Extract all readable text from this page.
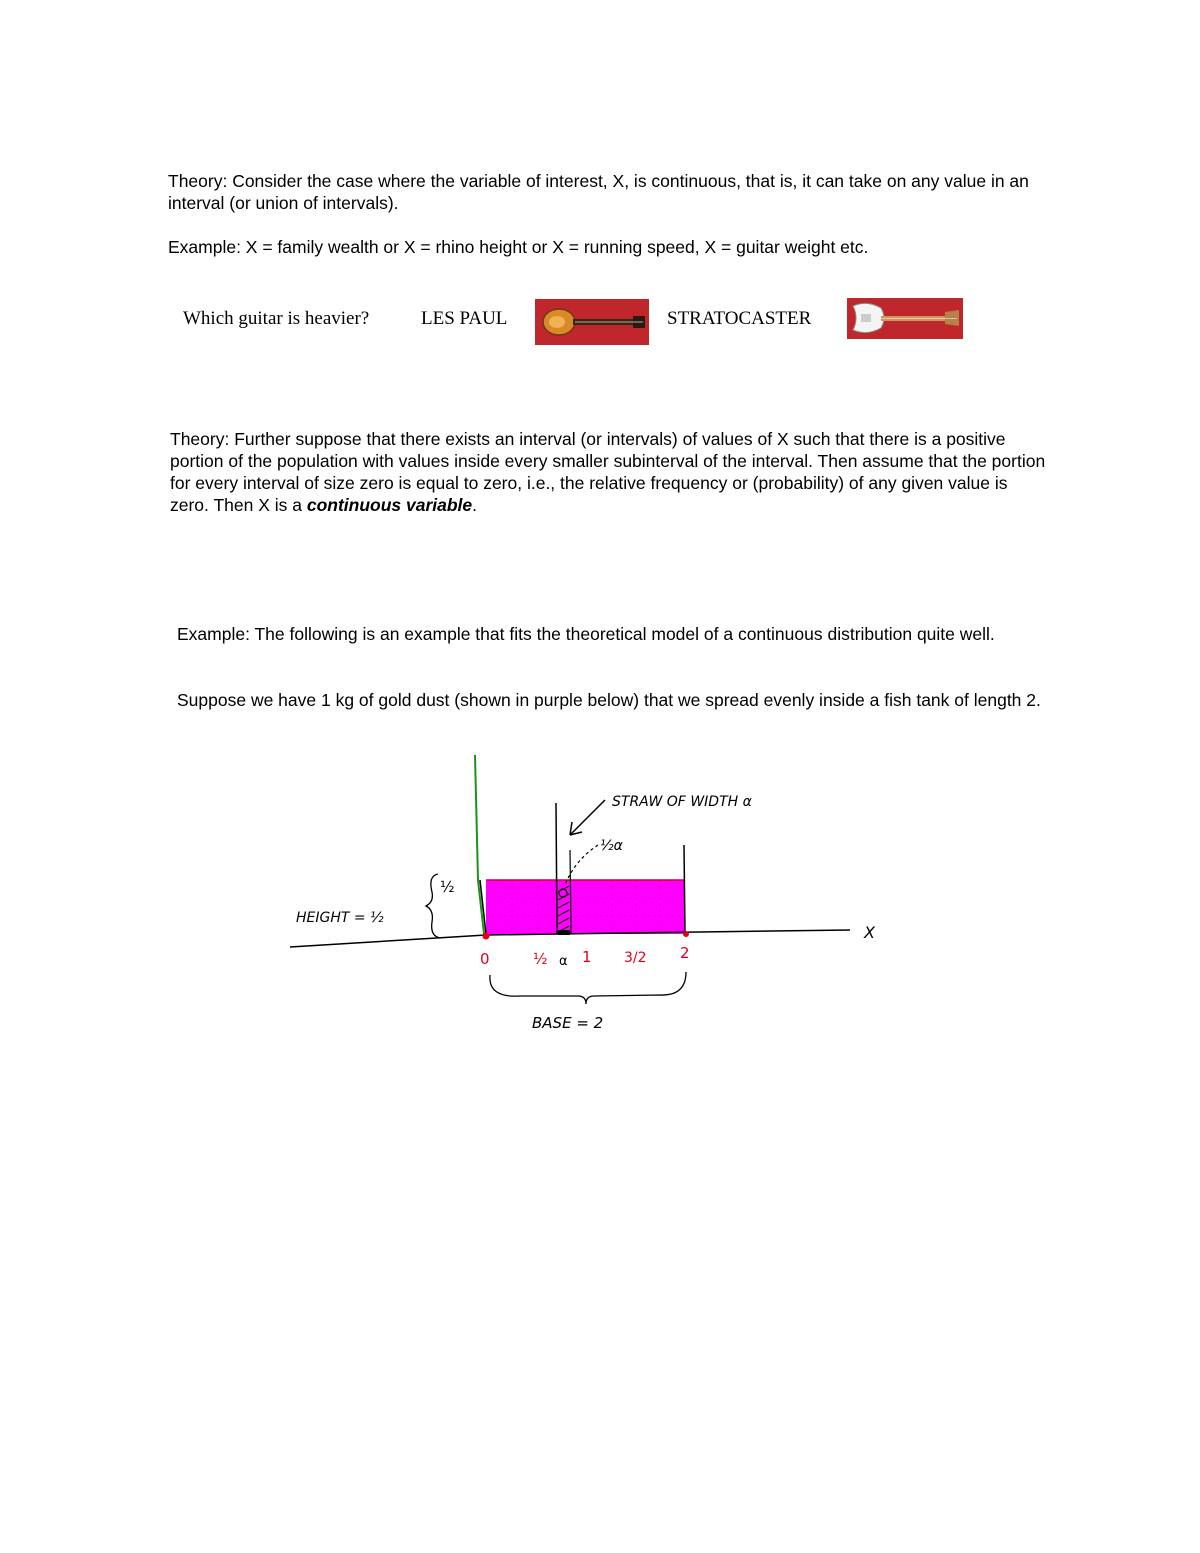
Theory: Consider the case where the variable of interest, X, is continuous, that is, it can take on any value in an interval (or union of intervals).

Example: X = family wealth or X = rhino height or X = running speed, X = guitar weight etc.

Which guitar is heavier?	LES PAUL	STRATOCASTER

Theory: Further suppose that there exists an interval (or intervals) of values of X such that there is a positive portion of the population with values inside every smaller subinterval of the interval. Then assume that the portion for every interval of size zero is equal to zero, i.e., the relative frequency or (probability) of any given value is zero. Then X is a continuous variable.

Example: The following is an example that fits the theoretical model of a continuous distribution quite well.

Suppose we have 1 kg of gold dust (shown in purple below) that we spread evenly inside a fish tank of length 2.

STRAW OF WIDTH α
½α
HEIGHT = ½
½
X
0	½ α 1 3/2 2
BASE = 2
